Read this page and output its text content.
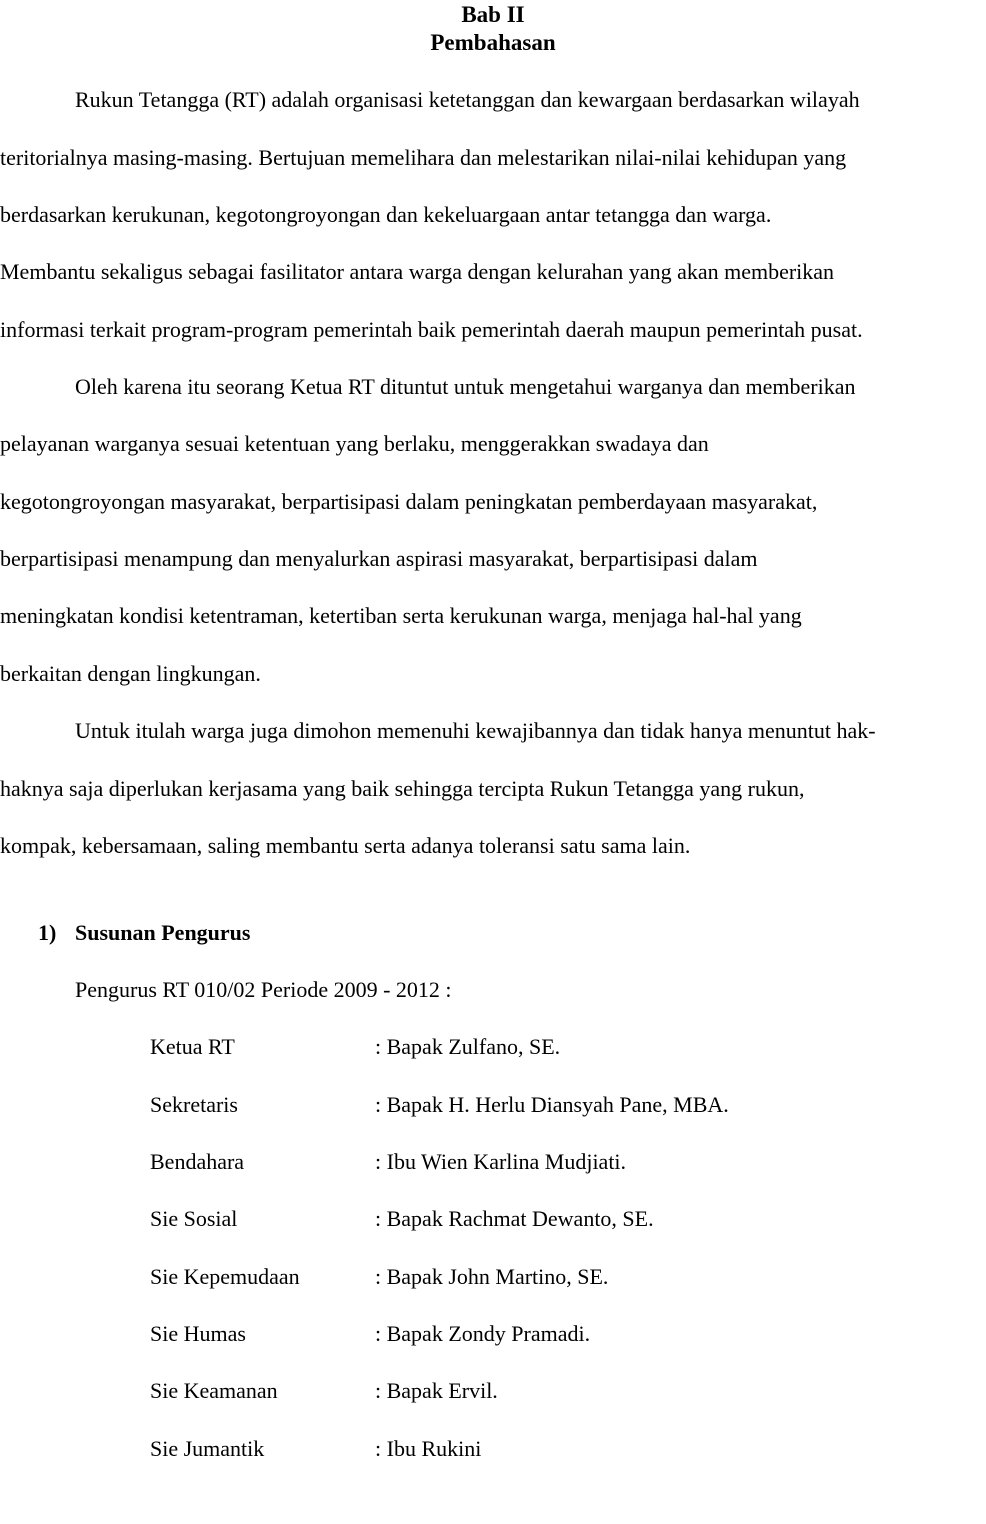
Bab II
Pembahasan
Rukun Tetangga (RT) adalah organisasi ketetanggan dan kewargaan berdasarkan wilayah
teritorialnya masing-masing. Bertujuan memelihara dan melestarikan nilai-nilai kehidupan yang
berdasarkan kerukunan, kegotongroyongan dan kekeluargaan antar tetangga dan warga.
Membantu sekaligus sebagai fasilitator antara warga dengan kelurahan yang akan memberikan
informasi terkait program-program pemerintah baik pemerintah daerah maupun pemerintah pusat.
Oleh karena itu seorang Ketua RT dituntut untuk mengetahui warganya dan memberikan
pelayanan warganya sesuai ketentuan yang berlaku, menggerakkan swadaya dan
kegotongroyongan masyarakat, berpartisipasi dalam peningkatan pemberdayaan masyarakat,
berpartisipasi menampung dan menyalurkan aspirasi masyarakat, berpartisipasi dalam
meningkatan kondisi ketentraman, ketertiban serta kerukunan warga, menjaga hal-hal yang
berkaitan dengan lingkungan.
Untuk itulah warga juga dimohon memenuhi kewajibannya dan tidak hanya menuntut hak-
haknya saja diperlukan kerjasama yang baik sehingga tercipta Rukun Tetangga yang rukun,
kompak, kebersamaan, saling membantu serta adanya toleransi satu sama lain.
1) Susunan Pengurus
Pengurus RT 010/02 Periode 2009 - 2012 :
Ketua RT	: Bapak Zulfano, SE.
Sekretaris	: Bapak H. Herlu Diansyah Pane, MBA.
Bendahara	: Ibu Wien Karlina Mudjiati.
Sie Sosial	: Bapak Rachmat Dewanto, SE.
Sie Kepemudaan	: Bapak John Martino, SE.
Sie Humas	: Bapak Zondy Pramadi.
Sie Keamanan	: Bapak Ervil.
Sie Jumantik	: Ibu Rukini
